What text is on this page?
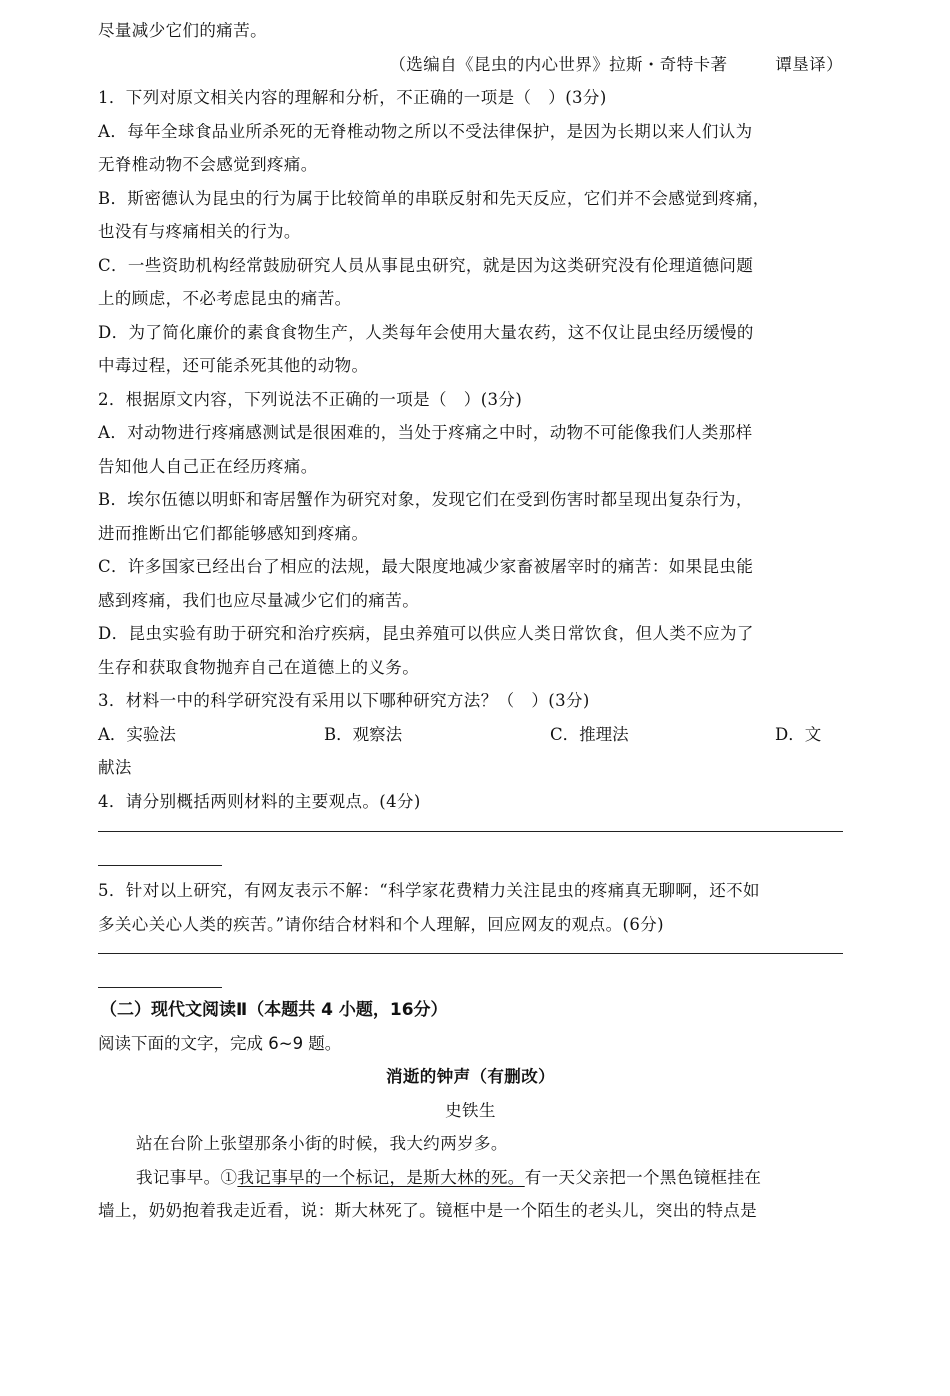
尽量减少它们的痛苦。
（选编自《昆虫的内心世界》拉斯・奇特卡著	谭垦译）
1．下列对原文相关内容的理解和分析，不正确的一项是（　）(3分)
A．每年全球食品业所杀死的无脊椎动物之所以不受法律保护，是因为长期以来人们认为
无脊椎动物不会感觉到疼痛。
B．斯密德认为昆虫的行为属于比较简单的串联反射和先天反应，它们并不会感觉到疼痛，
也没有与疼痛相关的行为。
C．一些资助机构经常鼓励研究人员从事昆虫研究，就是因为这类研究没有伦理道德问题
上的顾虑，不必考虑昆虫的痛苦。
D．为了简化廉价的素食食物生产，人类每年会使用大量农药，这不仅让昆虫经历缓慢的
中毒过程，还可能杀死其他的动物。
2．根据原文内容，下列说法不正确的一项是（　）(3分)
A．对动物进行疼痛感测试是很困难的，当处于疼痛之中时，动物不可能像我们人类那样
告知他人自己正在经历疼痛。
B．埃尔伍德以明虾和寄居蟹作为研究对象，发现它们在受到伤害时都呈现出复杂行为，
进而推断出它们都能够感知到疼痛。
C．许多国家已经出台了相应的法规，最大限度地减少家畜被屠宰时的痛苦：如果昆虫能
感到疼痛，我们也应尽量减少它们的痛苦。
D．昆虫实验有助于研究和治疗疾病，昆虫养殖可以供应人类日常饮食，但人类不应为了
生存和获取食物抛弃自己在道德上的义务。
3．材料一中的科学研究没有采用以下哪种研究方法？（　）(3分)
A．实验法	B．观察法	C．推理法	D．文
献法
4．请分别概括两则材料的主要观点。(4分)
5．针对以上研究，有网友表示不解：“科学家花费精力关注昆虫的疼痛真无聊啊，还不如
多关心关心人类的疾苦。”请你结合材料和个人理解，回应网友的观点。(6分)
（二）现代文阅读Ⅱ（本题共 4 小题，16分）
阅读下面的文字，完成 6~9 题。
消逝的钟声（有删改）
史铁生
站在台阶上张望那条小街的时候，我大约两岁多。
我记事早。①我记事早的一个标记，是斯大林的死。有一天父亲把一个黑色镜框挂在
墙上，奶奶抱着我走近看，说：斯大林死了。镜框中是一个陌生的老头儿，突出的特点是
